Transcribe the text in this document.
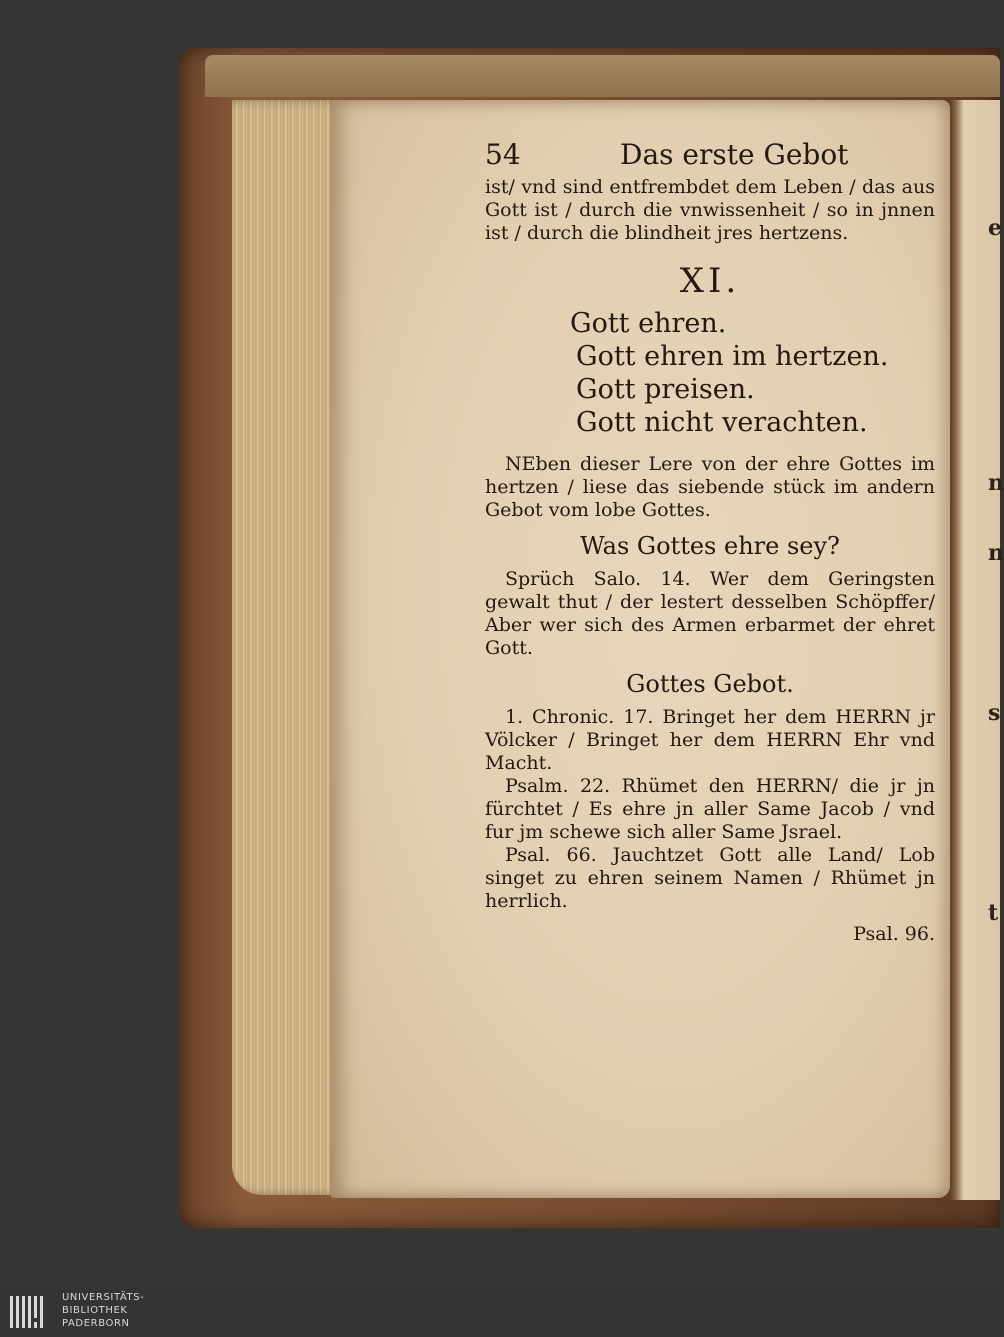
e
n
n
s
t
54	Das erste Gebot

ist/ vnd sind entfrembdet dem Leben / das aus Gott ist / durch die vnwissenheit / so in jnnen ist / durch die blindheit jres hertzens.

XI.
Gott ehren.
Gott ehren im hertzen.
Gott preisen.
Gott nicht verachten.

NEben dieser Lere von der ehre Gottes im hertzen / liese das siebende stück im andern Gebot vom lobe Gottes.

Was Gottes ehre sey?

Sprüch Salo. 14. Wer dem Geringsten gewalt thut / der lestert desselben Schöpffer/ Aber wer sich des Armen erbarmet der ehret Gott.

Gottes Gebot.

1. Chronic. 17. Bringet her dem HERRN jr Völcker / Bringet her dem HERRN Ehr vnd Macht.

Psalm. 22. Rhümet den HERRN/ die jr jn fürchtet / Es ehre jn aller Same Jacob / vnd fur jm schewe sich aller Same Jsrael.

Psal. 66. Jauchtzet Gott alle Land/ Lob singet zu ehren seinem Namen / Rhümet jn herrlich.

Psal. 96.
UNIVERSITÄTS-
BIBLIOTHEK
PADERBORN
